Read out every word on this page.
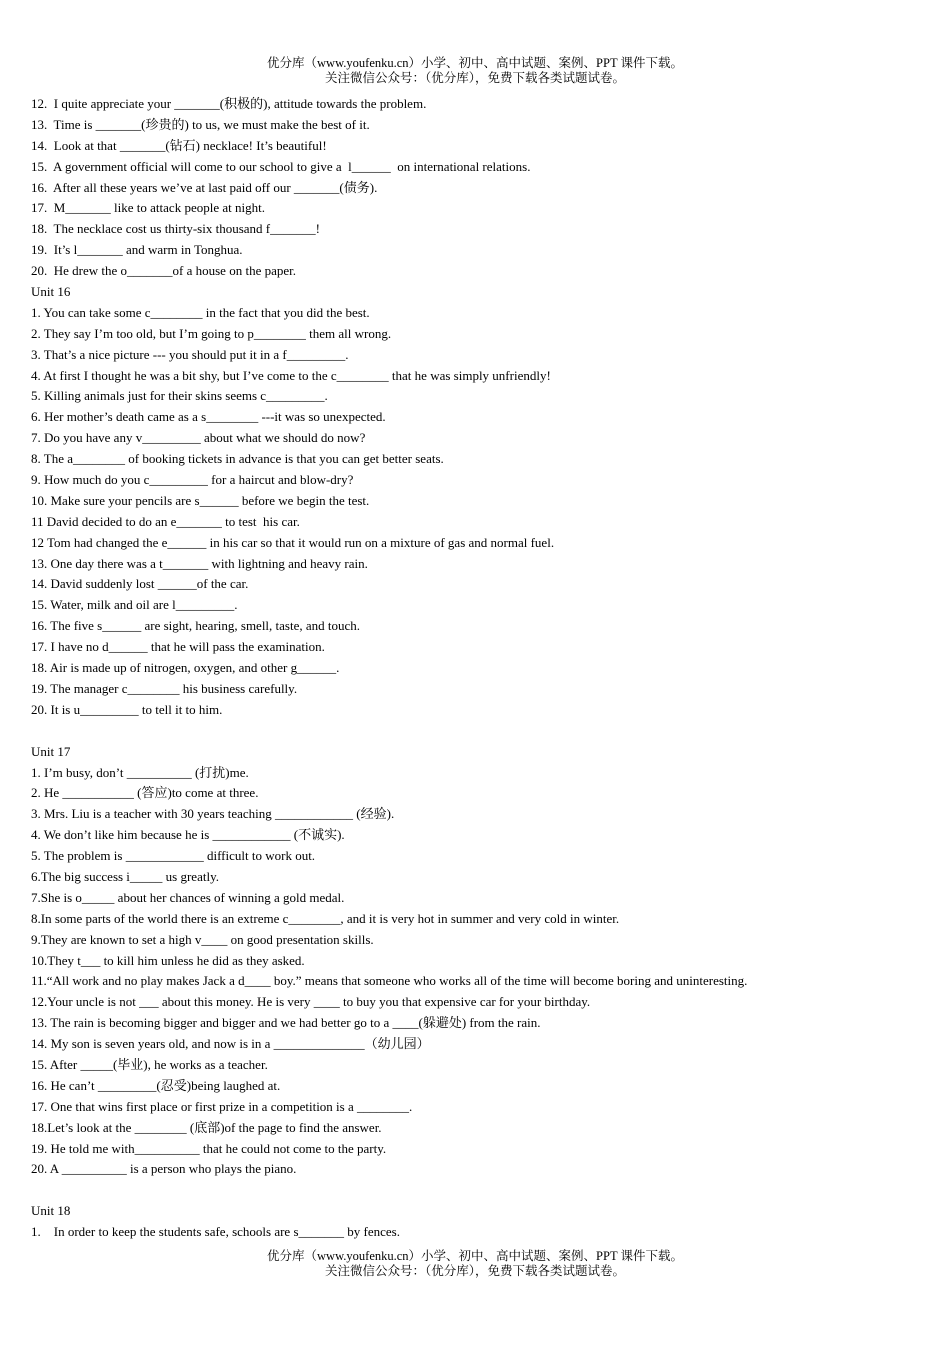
优分库（www.youfenku.cn）小学、初中、高中试题、案例、PPT 课件下载。
关注微信公众号：（优分库），免费下载各类试题试卷。
12.  I quite appreciate your _______(积极的), attitude towards the problem.
13.  Time is _______(珍贵的) to us, we must make the best of it.
14.  Look at that _______(钻石) necklace! It’s beautiful!
15.  A government official will come to our school to give a  l______  on international relations.
16.  After all these years we’ve at last paid off our _______(债务).
17.  M_______ like to attack people at night.
18.  The necklace cost us thirty-six thousand f_______!
19.  It’s l_______ and warm in Tonghua.
20.  He drew the o_______of a house on the paper.
Unit 16
1. You can take some c________ in the fact that you did the best.
2. They say I’m too old, but I’m going to p________ them all wrong.
3. That’s a nice picture --- you should put it in a f_________.
4. At first I thought he was a bit shy, but I’ve come to the c________ that he was simply unfriendly!
5. Killing animals just for their skins seems c_________.
6. Her mother’s death came as a s________ ---it was so unexpected.
7. Do you have any v_________ about what we should do now?
8. The a________ of booking tickets in advance is that you can get better seats.
9. How much do you c_________ for a haircut and blow-dry?
10. Make sure your pencils are s______ before we begin the test.
11 David decided to do an e_______ to test  his car.
12 Tom had changed the e______ in his car so that it would run on a mixture of gas and normal fuel.
13. One day there was a t_______ with lightning and heavy rain.
14. David suddenly lost ______of the car.
15. Water, milk and oil are l_________.
16. The five s______ are sight, hearing, smell, taste, and touch.
17. I have no d______ that he will pass the examination.
18. Air is made up of nitrogen, oxygen, and other g______.
19. The manager c________ his business carefully.
20. It is u_________ to tell it to him.
Unit 17
1. I’m busy, don’t __________ (打扰)me.
2. He ___________ (答应)to come at three.
3. Mrs. Liu is a teacher with 30 years teaching ____________ (经验).
4. We don’t like him because he is ____________ (不诚实).
5. The problem is ____________ difficult to work out.
6.The big success i_____ us greatly.
7.She is o_____ about her chances of winning a gold medal.
8.In some parts of the world there is an extreme c________, and it is very hot in summer and very cold in winter.
9.They are known to set a high v____ on good presentation skills.
10.They t___ to kill him unless he did as they asked.
11.“All work and no play makes Jack a d____ boy.” means that someone who works all of the time will become boring and uninteresting.
12.Your uncle is not ___ about this money. He is very ____ to buy you that expensive car for your birthday.
13. The rain is becoming bigger and bigger and we had better go to a ____(躲避处) from the rain.
14. My son is seven years old, and now is in a ______________（幼儿园）
15. After _____(毕业), he works as a teacher.
16. He can’t _________(忍受)being laughed at.
17. One that wins first place or first prize in a competition is a ________.
18.Let’s look at the ________ (底部)of the page to find the answer.
19. He told me with__________ that he could not come to the party.
20. A __________ is a person who plays the piano.
Unit 18
1.    In order to keep the students safe, schools are s_______ by fences.
优分库（www.youfenku.cn）小学、初中、高中试题、案例、PPT 课件下载。
关注微信公众号：（优分库），免费下载各类试题试卷。
